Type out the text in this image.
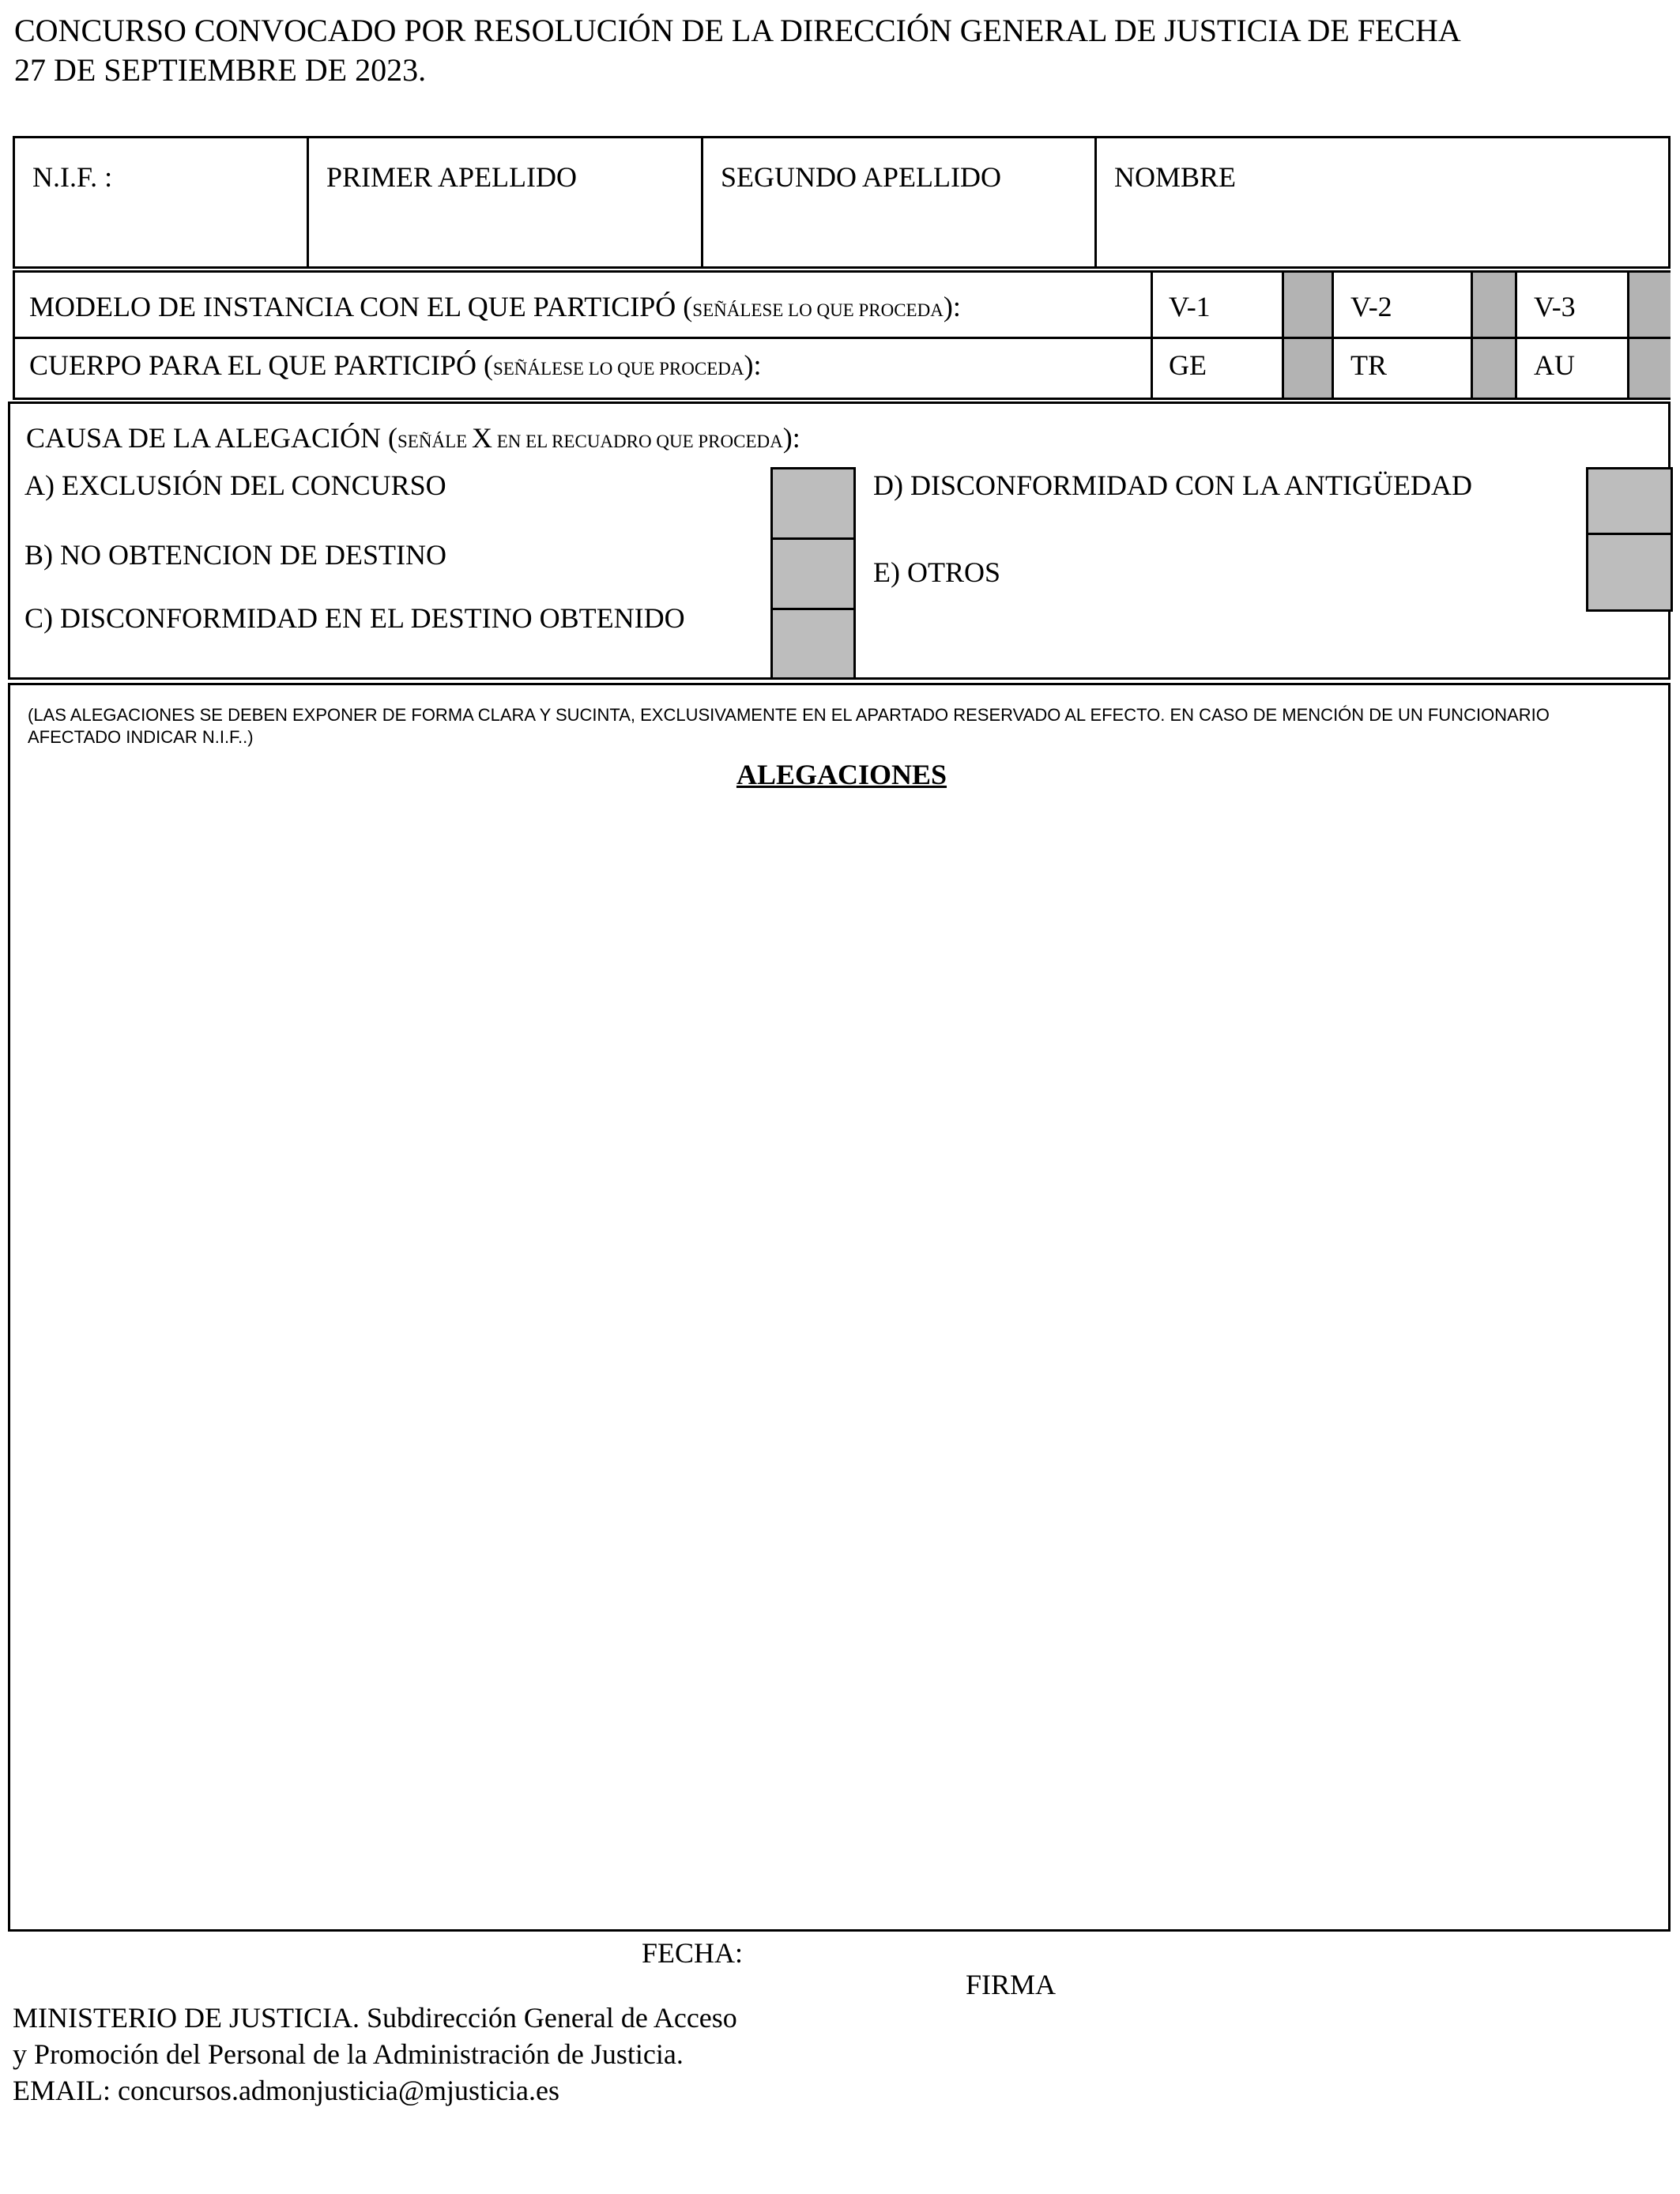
CONCURSO CONVOCADO POR RESOLUCIÓN DE LA DIRECCIÓN GENERAL DE JUSTICIA DE FECHA
27 DE SEPTIEMBRE DE 2023.
N.I.F. :	PRIMER APELLIDO	SEGUNDO APELLIDO	NOMBRE
MODELO DE INSTANCIA CON EL QUE PARTICIPÓ (SEÑÁLESE LO QUE PROCEDA):	V-1	V-2	V-3
CUERPO PARA EL QUE PARTICIPÓ (SEÑÁLESE LO QUE PROCEDA):	GE	TR	AU
CAUSA DE LA ALEGACIÓN (SEÑÁLE X EN EL RECUADRO QUE PROCEDA):
A) EXCLUSIÓN DEL CONCURSO
B) NO OBTENCION DE DESTINO
C) DISCONFORMIDAD EN EL DESTINO OBTENIDO
D) DISCONFORMIDAD CON LA ANTIGÜEDAD
E) OTROS
(LAS ALEGACIONES SE DEBEN EXPONER DE FORMA CLARA Y SUCINTA, EXCLUSIVAMENTE EN EL APARTADO RESERVADO AL EFECTO. EN CASO DE MENCIÓN DE UN FUNCIONARIO AFECTADO INDICAR N.I.F..)
ALEGACIONES
FECHA:
FIRMA
MINISTERIO DE JUSTICIA. Subdirección General de Acceso
y Promoción del Personal de la Administración de Justicia.
EMAIL: concursos.admonjusticia@mjusticia.es
